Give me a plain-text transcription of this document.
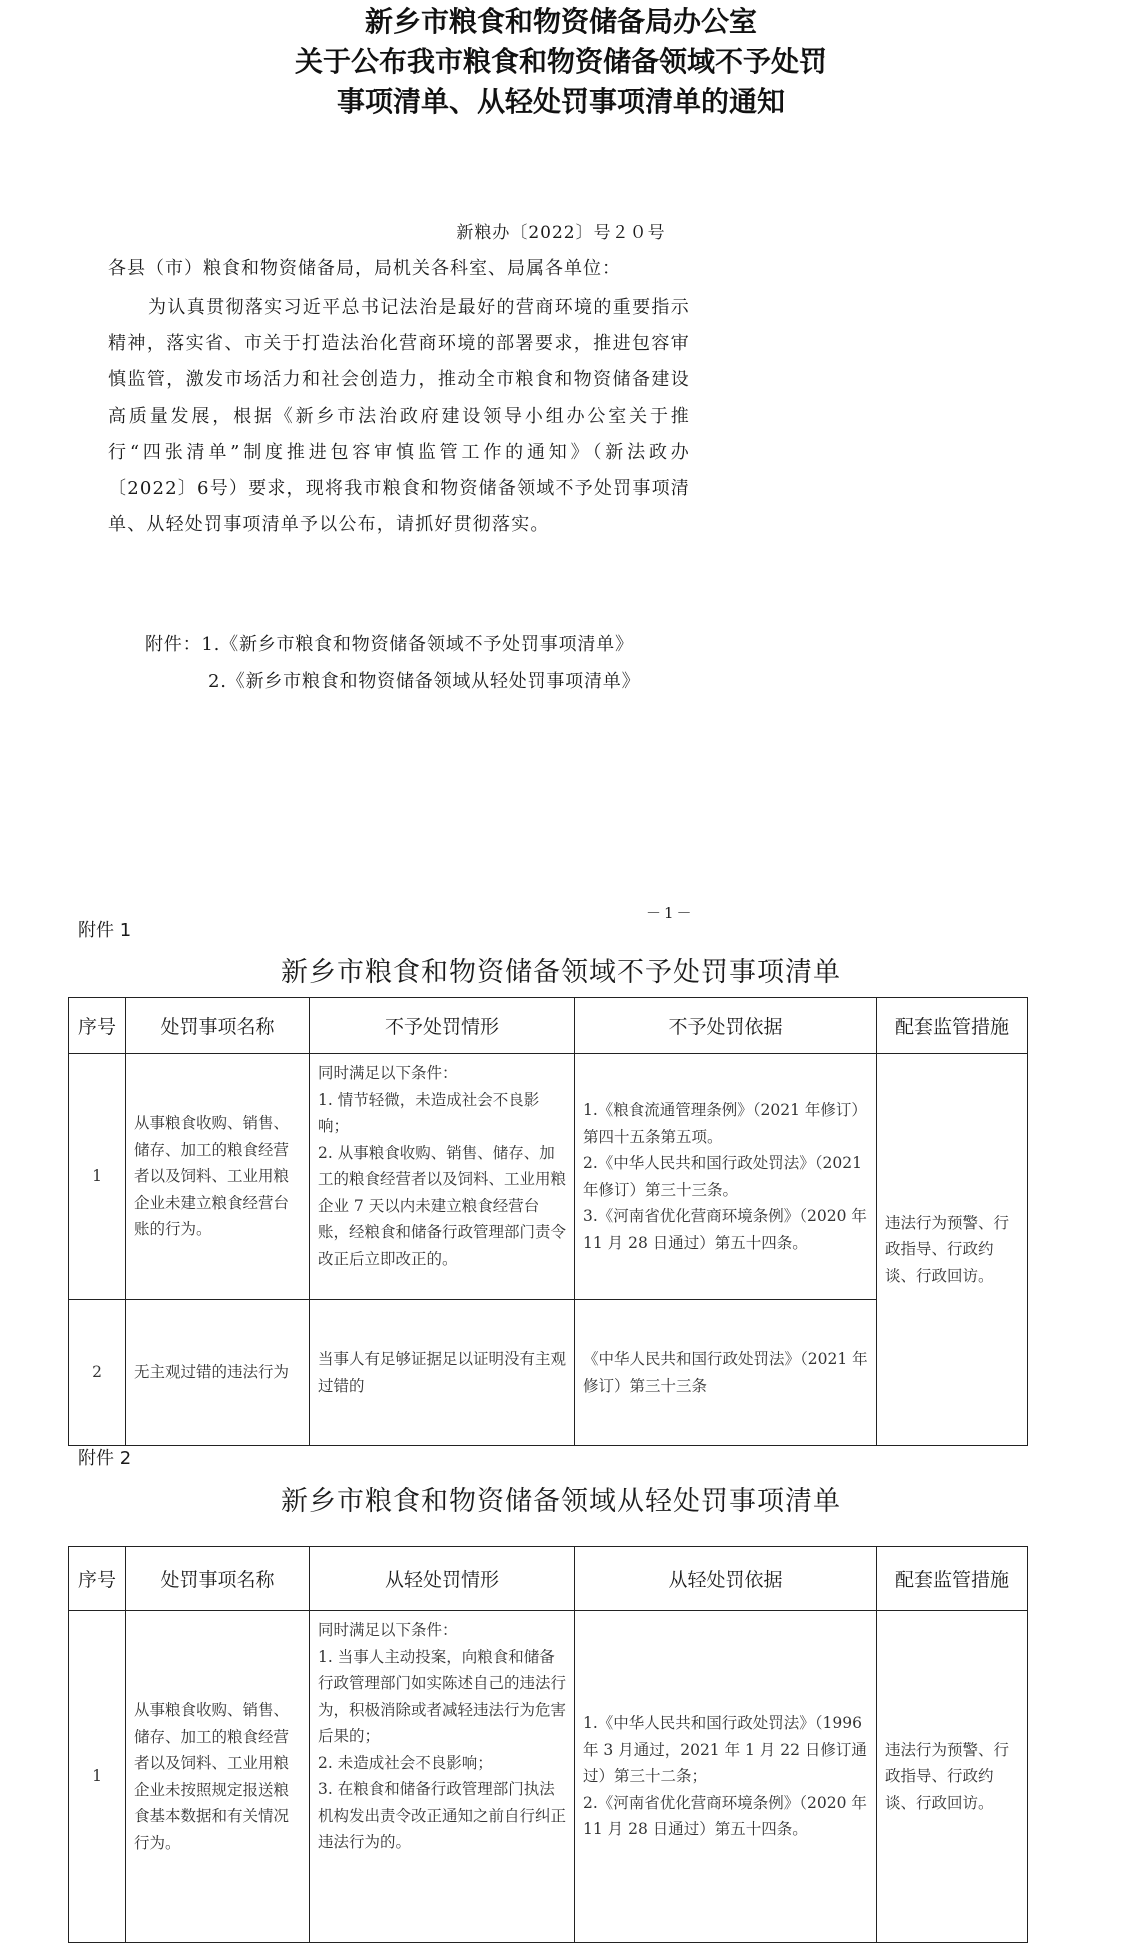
新乡市粮食和物资储备局办公室
关于公布我市粮食和物资储备领域不予处罚
事项清单、从轻处罚事项清单的通知
新粮办〔2022〕号２０号
各县（市）粮食和物资储备局，局机关各科室、局属各单位：
为认真贯彻落实习近平总书记法治是最好的营商环境的重要指示精神，落实省、市关于打造法治化营商环境的部署要求，推进包容审慎监管，激发市场活力和社会创造力，推动全市粮食和物资储备建设高质量发展，根据《新乡市法治政府建设领导小组办公室关于推行“四张清单”制度推进包容审慎监管工作的通知》（新法政办〔2022〕6号）要求，现将我市粮食和物资储备领域不予处罚事项清单、从轻处罚事项清单予以公布，请抓好贯彻落实。
附件：1.《新乡市粮食和物资储备领域不予处罚事项清单》
2.《新乡市粮食和物资储备领域从轻处罚事项清单》
－1－
附件 1
新乡市粮食和物资储备领域不予处罚事项清单
序号	处罚事项名称	不予处罚情形	不予处罚依据	配套监管措施
1	从事粮食收购、销售、储存、加工的粮食经营者以及饲料、工业用粮企业未建立粮食经营台账的行为。	同时满足以下条件：
1. 情节轻微，未造成社会不良影响；
2. 从事粮食收购、销售、储存、加工的粮食经营者以及饲料、工业用粮企业 7 天以内未建立粮食经营台账，经粮食和储备行政管理部门责令改正后立即改正的。	1.《粮食流通管理条例》（2021 年修订）第四十五条第五项。
2.《中华人民共和国行政处罚法》（2021 年修订）第三十三条。
3.《河南省优化营商环境条例》（2020 年 11 月 28 日通过）第五十四条。	违法行为预警、行政指导、行政约谈、行政回访。
2	无主观过错的违法行为	当事人有足够证据足以证明没有主观过错的	《中华人民共和国行政处罚法》（2021 年修订）第三十三条	
附件 2
新乡市粮食和物资储备领域从轻处罚事项清单
序号	处罚事项名称	从轻处罚情形	从轻处罚依据	配套监管措施
1	从事粮食收购、销售、储存、加工的粮食经营者以及饲料、工业用粮企业未按照规定报送粮食基本数据和有关情况行为。	同时满足以下条件：
1. 当事人主动投案，向粮食和储备行政管理部门如实陈述自己的违法行为，积极消除或者减轻违法行为危害后果的；
2. 未造成社会不良影响；
3. 在粮食和储备行政管理部门执法机构发出责令改正通知之前自行纠正违法行为的。	1.《中华人民共和国行政处罚法》（1996 年 3 月通过，2021 年 1 月 22 日修订通过）第三十二条；
2.《河南省优化营商环境条例》（2020 年 11 月 28 日通过）第五十四条。	违法行为预警、行政指导、行政约谈、行政回访。
